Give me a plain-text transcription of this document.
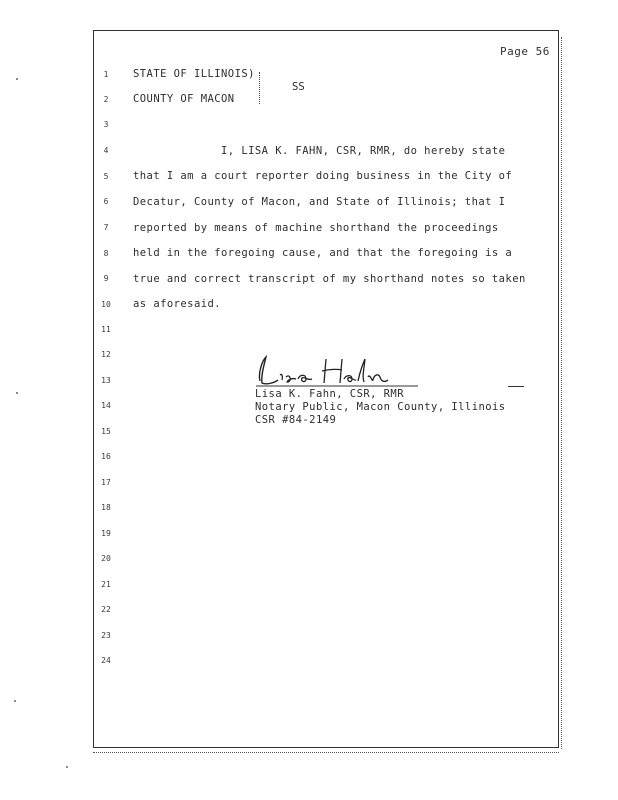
Page 56
1	STATE OF ILLINOIS)
2	COUNTY OF MACON
3
4	I, LISA K. FAHN, CSR, RMR, do hereby state
5	that I am a court reporter doing business in the City of
6	Decatur, County of Macon, and State of Illinois; that I
7	reported by means of machine shorthand the proceedings
8	held in the foregoing cause, and that the foregoing is a
9	true and correct transcript of my shorthand notes so taken
10 as aforesaid.
11
12
13
14
15
16
17
18
19
20
21
22
23
24
SS
Lisa K. Fahn, CSR, RMR
Notary Public, Macon County, Illinois
CSR #84-2149
